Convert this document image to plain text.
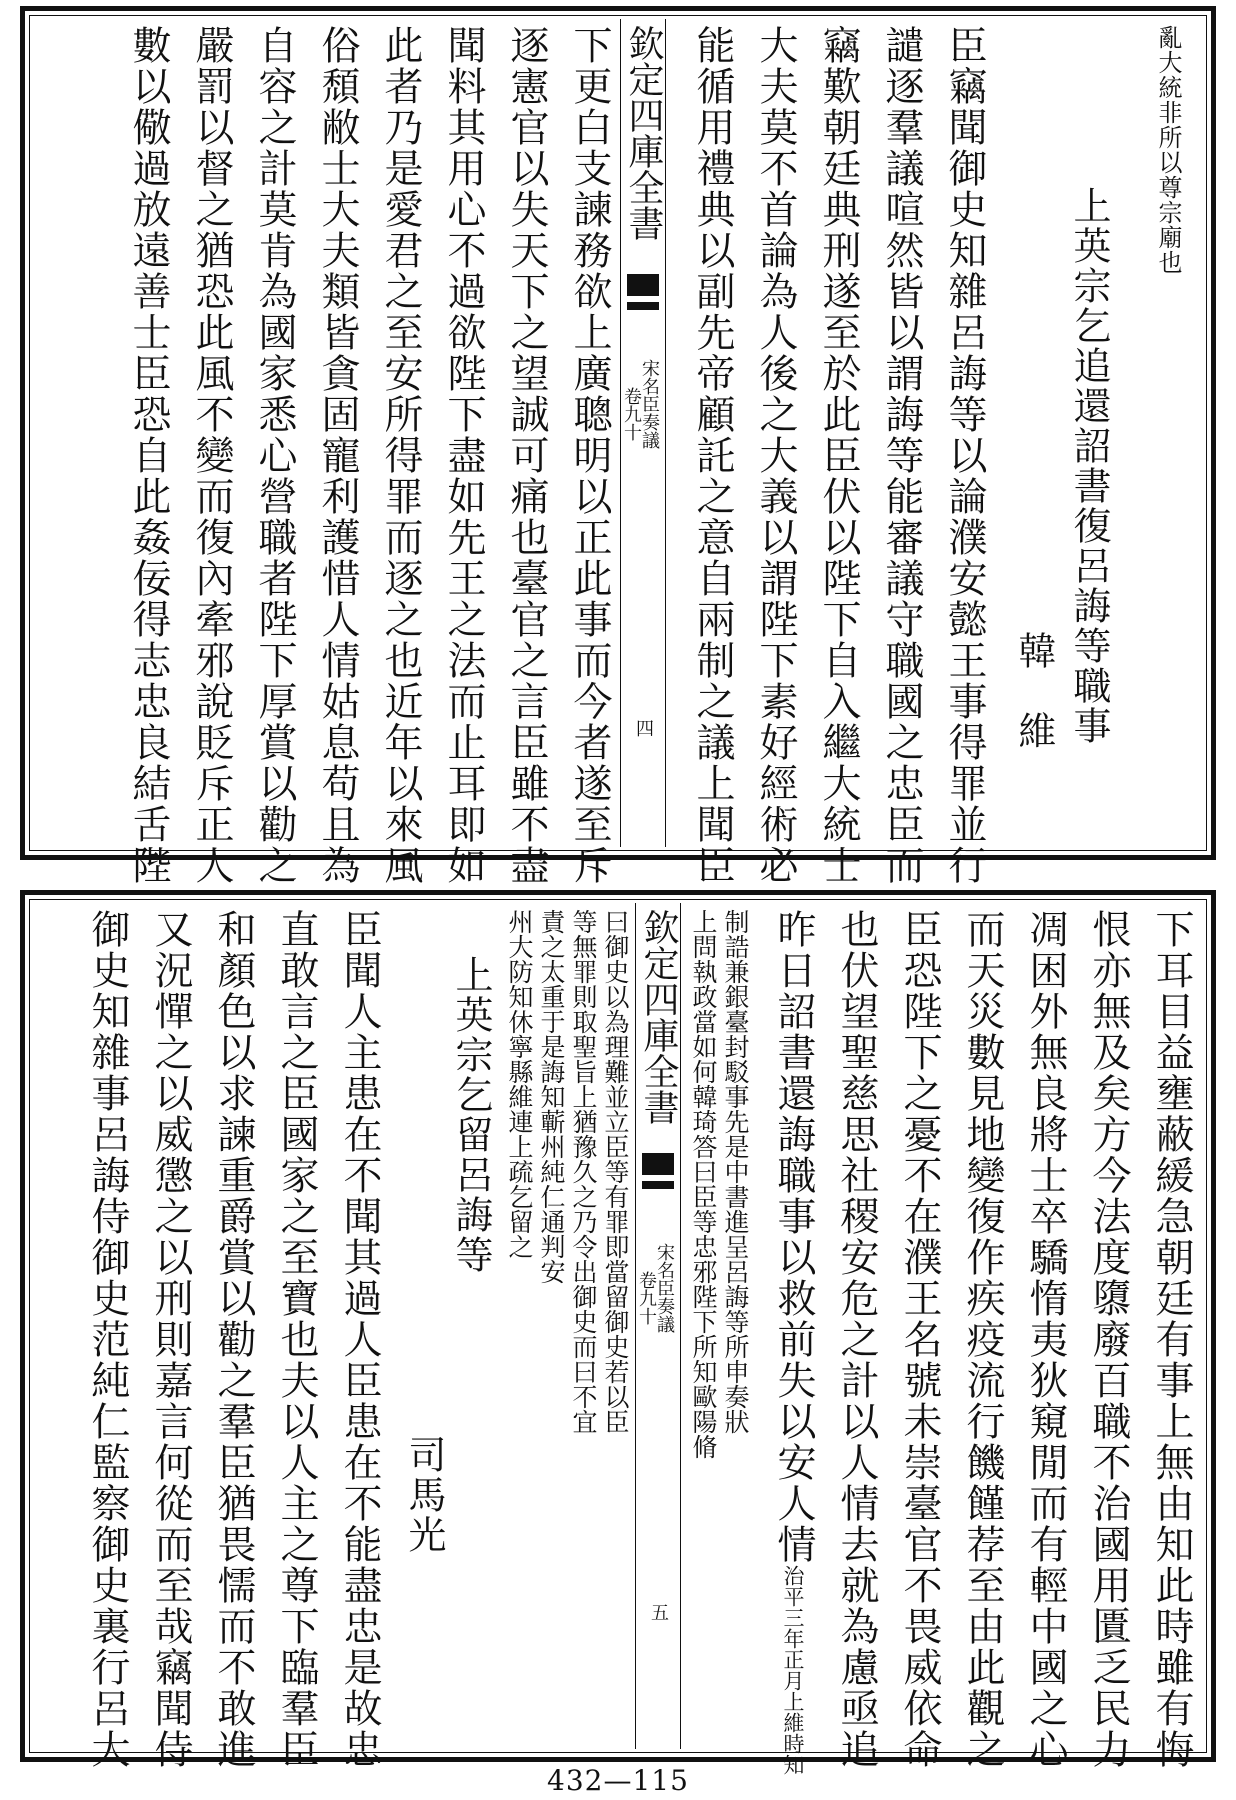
亂大統非所以尊宗廟也
上英宗乞追還詔書復呂誨等職事
韓　維
臣竊聞御史知雜呂誨等以論濮安懿王事得罪並行
譴逐羣議喧然皆以謂誨等能審議守職國之忠臣而
竊歎朝廷典刑遂至於此臣伏以陛下自入繼大統士
大夫莫不首論為人後之大義以謂陛下素好經術必
能循用禮典以副先帝顧託之意自兩制之議上聞臣
欽定四庫全書
宋名臣奏議
卷九十
四
下更白支諫務欲上廣聰明以正此事而今者遂至斥
逐憲官以失天下之望誠可痛也臺官之言臣雖不盡
聞料其用心不過欲陛下盡如先王之法而止耳即如
此者乃是愛君之至安所得罪而逐之也近年以來風
俗頹敝士大夫類皆貪固寵利護惜人情姑息苟且為
自容之計莫肯為國家悉心營職者陛下厚賞以勸之
嚴罰以督之猶恐此風不變而復內牽邪說貶斥正人
數以儆過放遠善士臣恐自此姦佞得志忠良結舌陛
下耳目益壅蔽緩急朝廷有事上無由知此時雖有悔
恨亦無及矣方今法度隳廢百職不治國用匱乏民力
凋困外無良將士卒驕惰夷狄窺閒而有輕中國之心
而天災數見地變復作疾疫流行饑饉荐至由此觀之
臣恐陛下之憂不在濮王名號未崇臺官不畏威依命
也伏望聖慈思社稷安危之計以人情去就為慮亟追
昨日詔書還誨職事以救前失以安人情治平三年正月上維時知
制誥兼銀臺封駁事先是中書進呈呂誨等所申奏狀
上問執政當如何韓琦答曰臣等忠邪陛下所知歐陽脩
欽定四庫全書
宋名臣奏議
卷九十
五
曰御史以為理難並立臣等有罪即當留御史若以臣
等無罪則取聖旨上猶豫久之乃令出御史而曰不宜
責之太重于是誨知蘄州純仁通判安
州大防知休寧縣維連上疏乞留之
上英宗乞留呂誨等
司馬光
臣聞人主患在不聞其過人臣患在不能盡忠是故忠
直敢言之臣國家之至寶也夫以人主之尊下臨羣臣
和顏色以求諫重爵賞以勸之羣臣猶畏懦而不敢進
又況憚之以威懲之以刑則嘉言何從而至哉竊聞侍
御史知雜事呂誨侍御史范純仁監察御史裏行呂大
432—115
